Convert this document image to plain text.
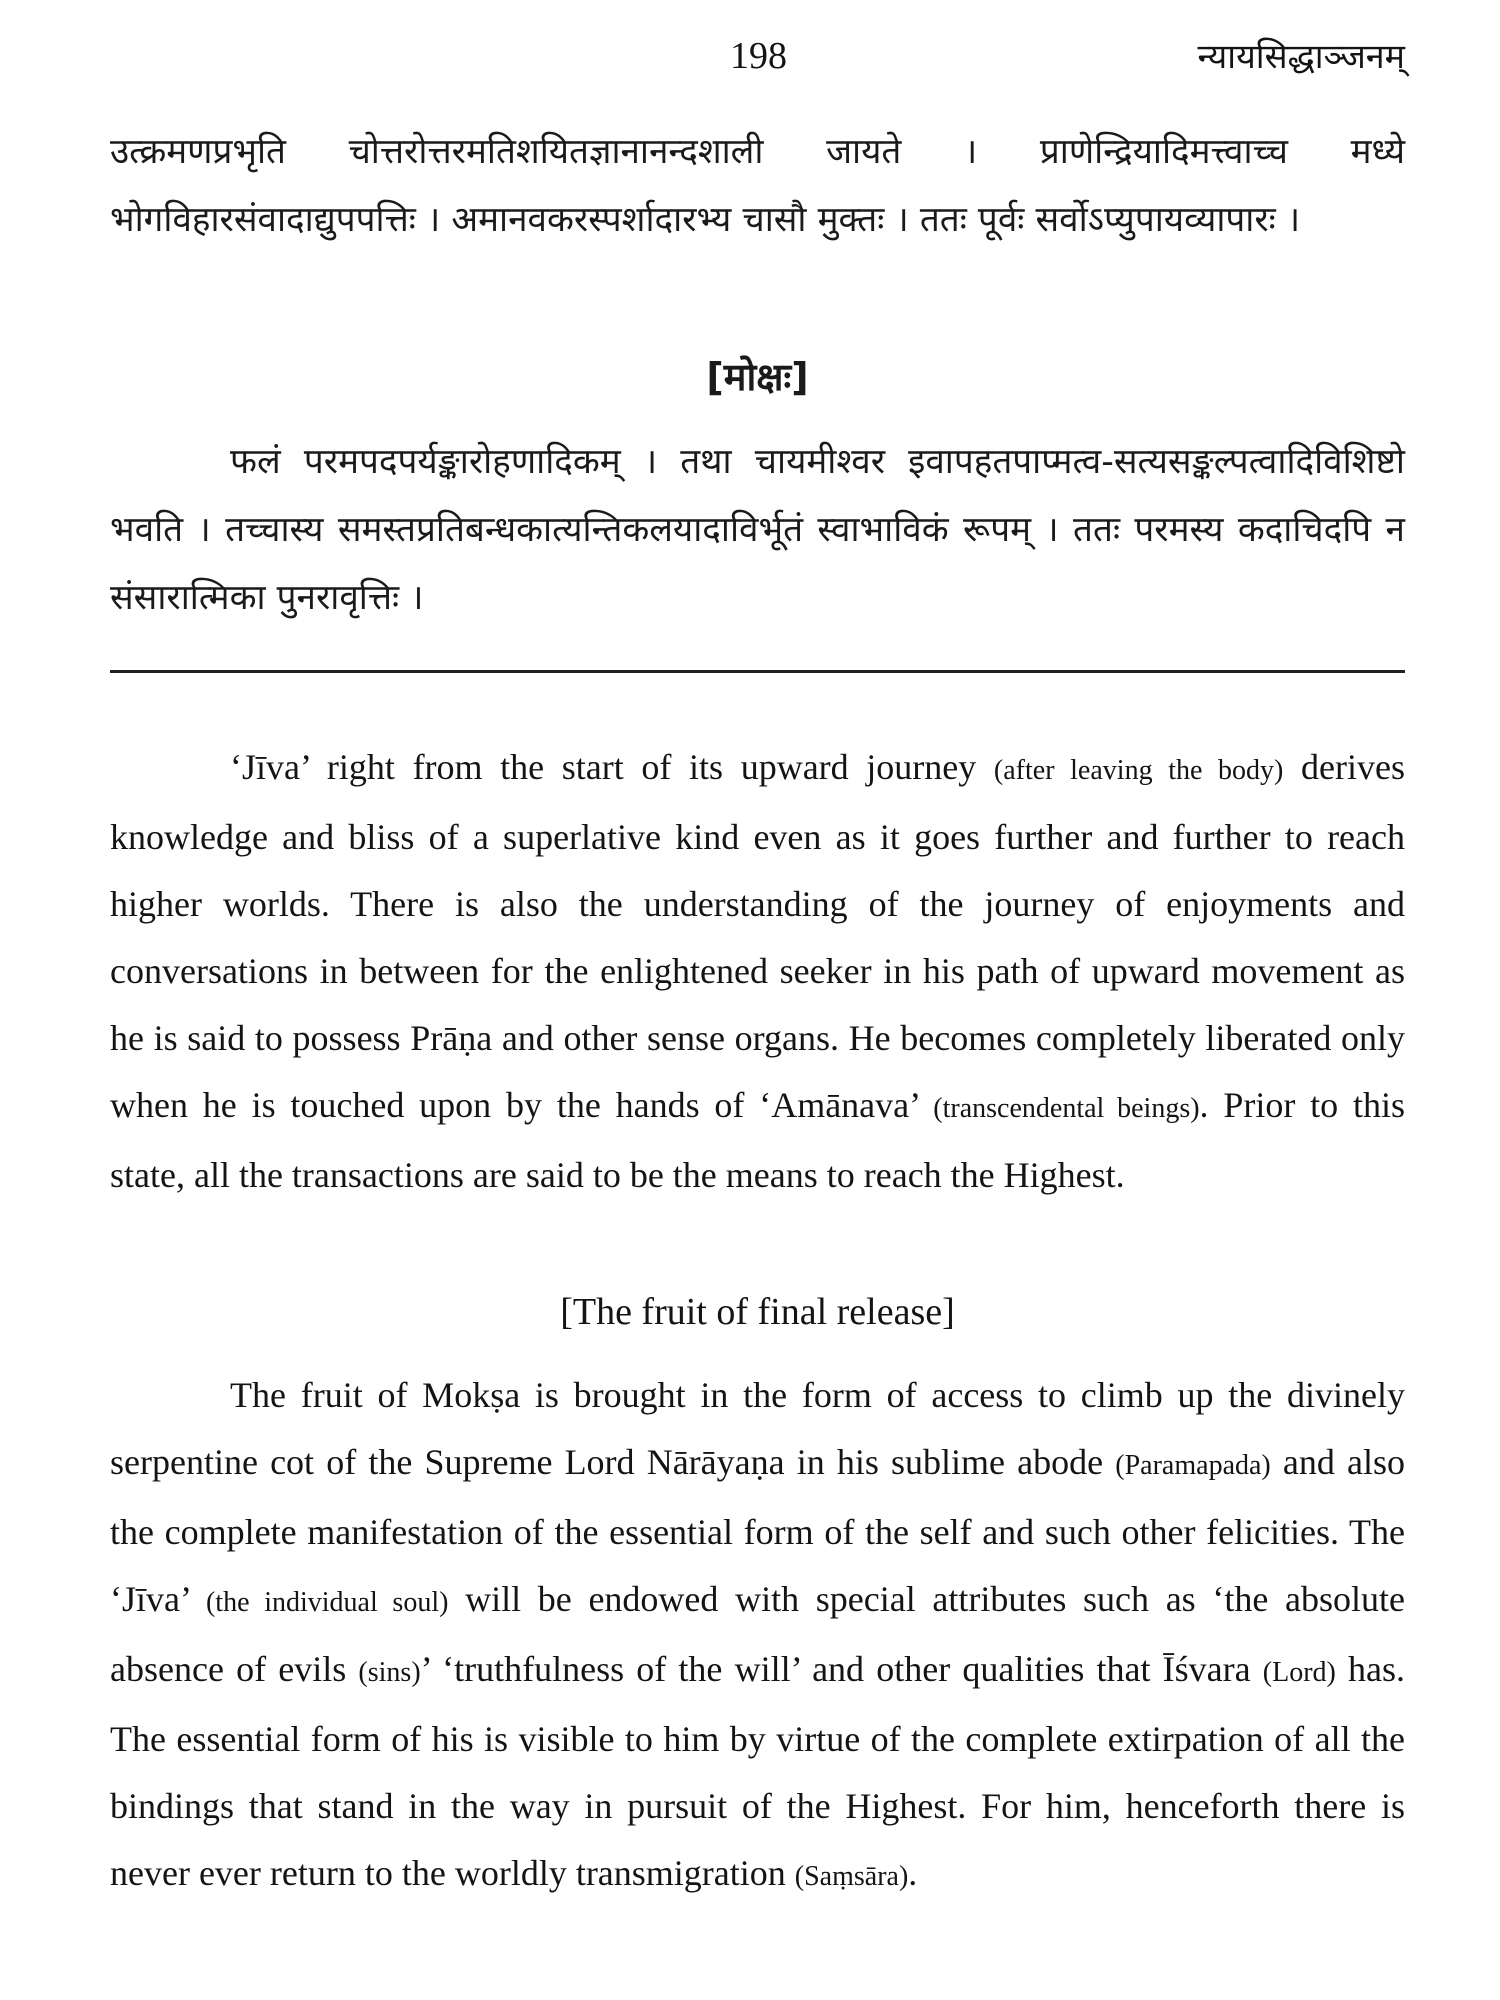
198	न्यायसिद्धाञ्जनम्

उत्क्रमणप्रभृति चोत्तरोत्तरमतिशयितज्ञानानन्दशाली जायते । प्राणेन्द्रियादिमत्त्वाच्च मध्ये भोगविहारसंवादाद्युपपत्तिः । अमानवकरस्पर्शादारभ्य चासौ मुक्तः । ततः पूर्वः सर्वोऽप्युपायव्यापारः ।

[मोक्षः]

फलं परमपदपर्यङ्कारोहणादिकम् । तथा चायमीश्वर इवापहतपाप्मत्व-सत्यसङ्कल्पत्वादिविशिष्टो भवति । तच्चास्य समस्तप्रतिबन्धकात्यन्तिकलयादाविर्भूतं स्वाभाविकं रूपम् । ततः परमस्य कदाचिदपि न संसारात्मिका पुनरावृत्तिः ।

‘Jīva’ right from the start of its upward journey (after leaving the body) derives knowledge and bliss of a superlative kind even as it goes further and further to reach higher worlds. There is also the understanding of the journey of enjoyments and conversations in between for the enlightened seeker in his path of upward movement as he is said to possess Prāṇa and other sense organs. He becomes completely liberated only when he is touched upon by the hands of ‘Amānava’ (transcendental beings). Prior to this state, all the transactions are said to be the means to reach the Highest.

[The fruit of final release]

The fruit of Mokṣa is brought in the form of access to climb up the divinely serpentine cot of the Supreme Lord Nārāyaṇa in his sublime abode (Paramapada) and also the complete manifestation of the essential form of the self and such other felicities. The ‘Jīva’ (the individual soul) will be endowed with special attributes such as ‘the absolute absence of evils (sins)’ ‘truthfulness of the will’ and other qualities that Īśvara (Lord) has. The essential form of his is visible to him by virtue of the complete extirpation of all the bindings that stand in the way in pursuit of the Highest. For him, henceforth there is never ever return to the worldly transmigration (Saṃsāra).
